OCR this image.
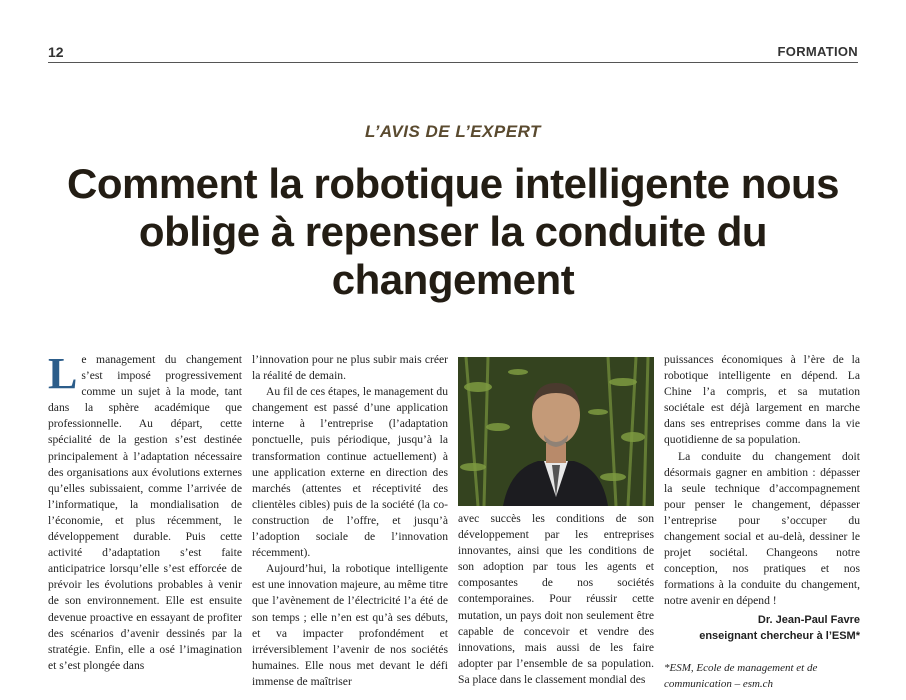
12	FORMATION
L’AVIS DE L’EXPERT
Comment la robotique intelligente nous oblige à repenser la conduite du changement

Le management du changement s’est imposé progressivement comme un sujet à la mode, tant dans la sphère académique que professionnelle. Au départ, cette spécialité de la gestion s’est destinée principalement à l’adaptation nécessaire des organisations aux évolutions externes qu’elles subissaient, comme l’arrivée de l’informatique, la mondialisation de l’économie, et plus récemment, le développement durable. Puis cette activité d’adaptation s’est faite anticipatrice lorsqu’elle s’est efforcée de prévoir les évolutions probables à venir de son environnement. Elle est ensuite devenue proactive en essayant de profiter des scénarios d’avenir dessinés par la stratégie. Enfin, elle a osé l’imagination et s’est plongée dans

l’innovation pour ne plus subir mais créer la réalité de demain.

Au fil de ces étapes, le management du changement est passé d’une application interne à l’entreprise (l’adaptation ponctuelle, puis périodique, jusqu’à la transformation continue actuellement) à une application externe en direction des marchés (attentes et réceptivité des clientèles cibles) puis de la société (la co-construction de l’offre, et jusqu’à l’adoption sociale de l’innovation récemment).

Aujourd’hui, la robotique intelligente est une innovation majeure, au même titre que l’avènement de l’électricité l’a été de son temps ; elle n’en est qu’à ses débuts, et va impacter profondément et irréversiblement l’avenir de nos sociétés humaines. Elle nous met devant le défi immense de maîtriser

avec succès les conditions de son développement par les entreprises innovantes, ainsi que les conditions de son adoption par tous les agents et composantes de nos sociétés contemporaines. Pour réussir cette mutation, un pays doit non seulement être capable de concevoir et vendre des innovations, mais aussi de les faire adopter par l’ensemble de sa population. Sa place dans le classement mondial des

puissances économiques à l’ère de la robotique intelligente en dépend. La Chine l’a compris, et sa mutation sociétale est déjà largement en marche dans ses entreprises comme dans la vie quotidienne de sa population.

La conduite du changement doit désormais gagner en ambition : dépasser la seule technique d’accompagnement pour penser le changement, dépasser l’entreprise pour s’occuper du changement social et au-delà, dessiner le projet sociétal. Changeons notre conception, nos pratiques et nos formations à la conduite du changement, notre avenir en dépend !

Dr. Jean-Paul Favre
enseignant chercheur à l’ESM*
*ESM, Ecole de management et de communication – esm.ch
